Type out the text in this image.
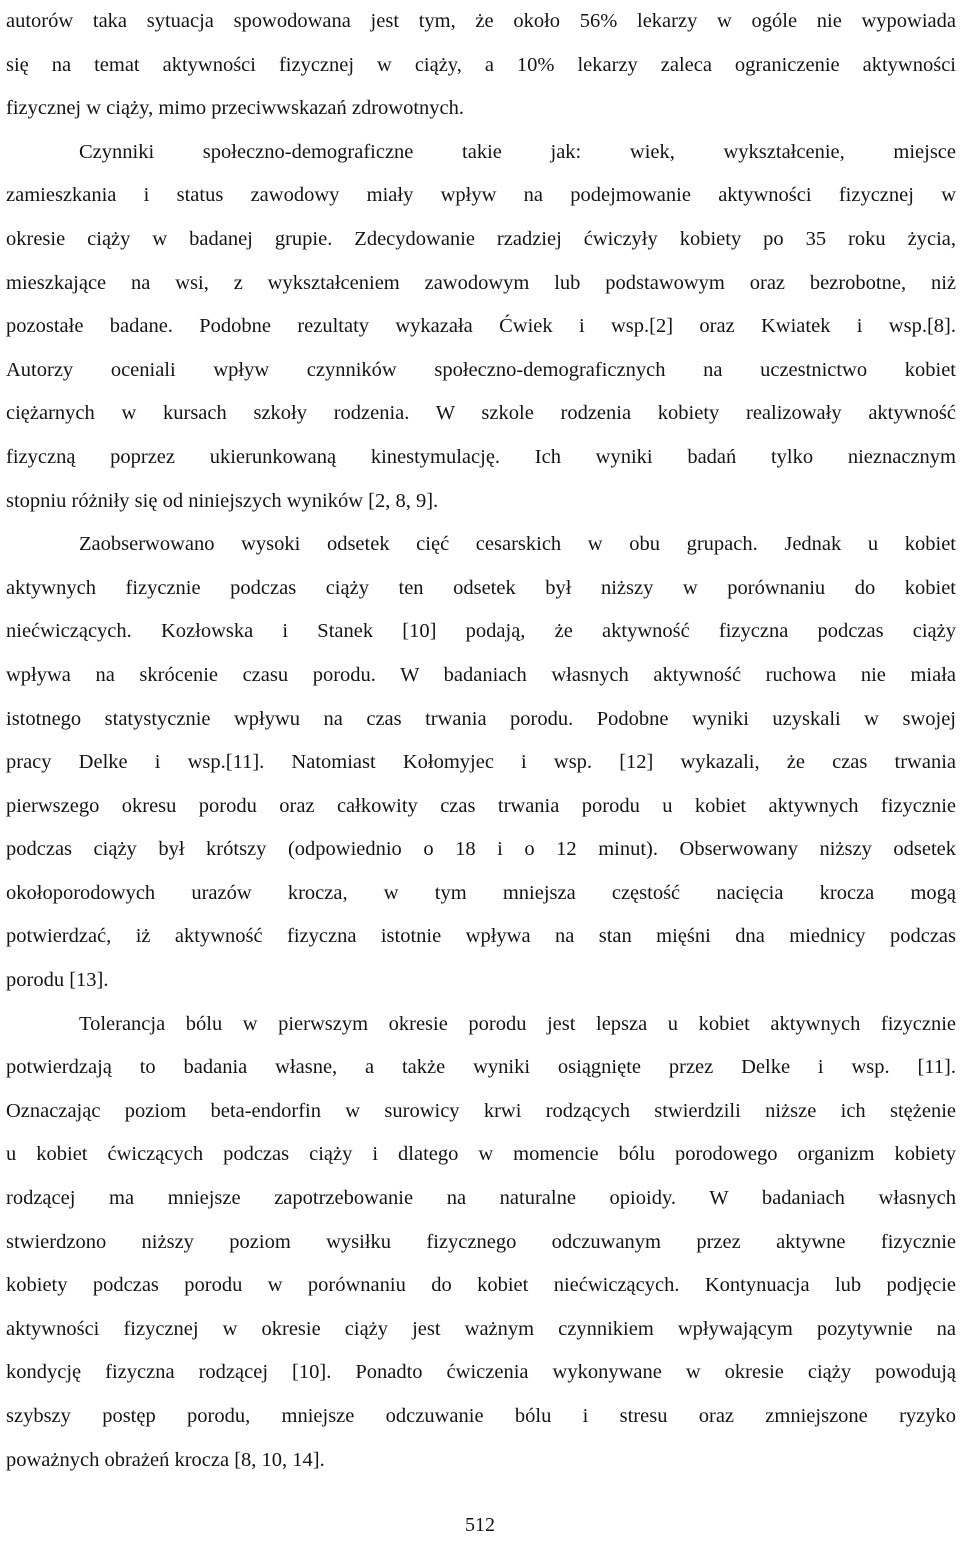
autorów taka sytuacja spowodowana jest tym, że około 56% lekarzy w ogóle nie wypowiada
się na temat aktywności fizycznej w ciąży, a 10% lekarzy zaleca ograniczenie aktywności
fizycznej w ciąży, mimo przeciwwskazań zdrowotnych.
Czynniki społeczno-demograficzne takie jak: wiek, wykształcenie, miejsce
zamieszkania i status zawodowy miały wpływ na podejmowanie aktywności fizycznej w
okresie ciąży w badanej grupie. Zdecydowanie rzadziej ćwiczyły kobiety po 35 roku życia,
mieszkające na wsi, z wykształceniem zawodowym lub podstawowym oraz bezrobotne, niż
pozostałe badane. Podobne rezultaty wykazała Ćwiek i wsp.[2] oraz Kwiatek i wsp.[8].
Autorzy oceniali wpływ czynników społeczno-demograficznych na uczestnictwo kobiet
ciężarnych w kursach szkoły rodzenia. W szkole rodzenia kobiety realizowały aktywność
fizyczną poprzez ukierunkowaną kinestymulację. Ich wyniki badań tylko nieznacznym
stopniu różniły się od niniejszych wyników [2, 8, 9].
Zaobserwowano wysoki odsetek cięć cesarskich w obu grupach. Jednak u kobiet
aktywnych fizycznie podczas ciąży ten odsetek był niższy w porównaniu do kobiet
niećwiczących. Kozłowska i Stanek [10] podają, że aktywność fizyczna podczas ciąży
wpływa na skrócenie czasu porodu. W badaniach własnych aktywność ruchowa nie miała
istotnego statystycznie wpływu na czas trwania porodu. Podobne wyniki uzyskali w swojej
pracy Delke i wsp.[11]. Natomiast Kołomyjec i wsp. [12] wykazali, że czas trwania
pierwszego okresu porodu oraz całkowity czas trwania porodu u kobiet aktywnych fizycznie
podczas ciąży był krótszy (odpowiednio o 18 i o 12 minut). Obserwowany niższy odsetek
okołoporodowych urazów krocza, w tym mniejsza częstość nacięcia krocza mogą
potwierdzać, iż aktywność fizyczna istotnie wpływa na stan mięśni dna miednicy podczas
porodu [13].
Tolerancja bólu w pierwszym okresie porodu jest lepsza u kobiet aktywnych fizycznie
potwierdzają to badania własne, a także wyniki osiągnięte przez Delke i wsp. [11].
Oznaczając poziom beta-endorfin w surowicy krwi rodzących stwierdzili niższe ich stężenie
u kobiet ćwiczących podczas ciąży i dlatego w momencie bólu porodowego organizm kobiety
rodzącej ma mniejsze zapotrzebowanie na naturalne opioidy. W badaniach własnych
stwierdzono niższy poziom wysiłku fizycznego odczuwanym przez aktywne fizycznie
kobiety podczas porodu w porównaniu do kobiet niećwiczących. Kontynuacja lub podjęcie
aktywności fizycznej w okresie ciąży jest ważnym czynnikiem wpływającym pozytywnie na
kondycję fizyczna rodzącej [10]. Ponadto ćwiczenia wykonywane w okresie ciąży powodują
szybszy postęp porodu, mniejsze odczuwanie bólu i stresu oraz zmniejszone ryzyko
poważnych obrażeń krocza [8, 10, 14].
512
